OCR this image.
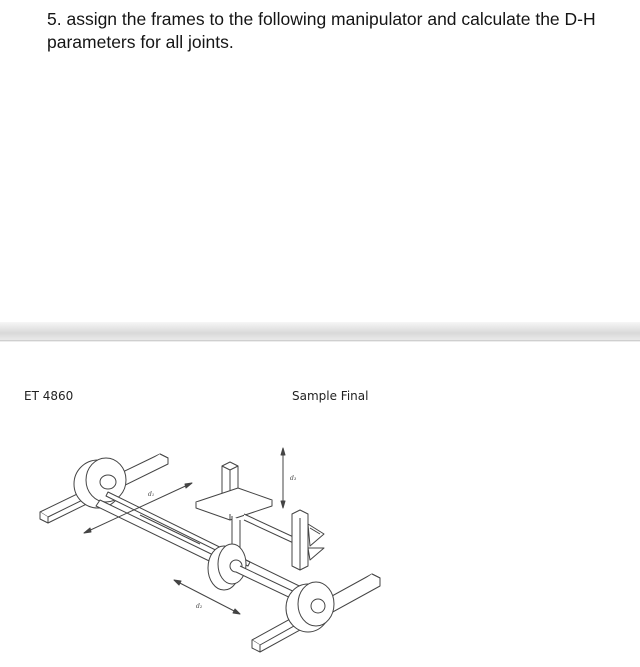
5. assign the frames to the following manipulator and calculate the D-H parameters for all joints.
ET 4860	Sample Final
d₁
d₃
d₂
